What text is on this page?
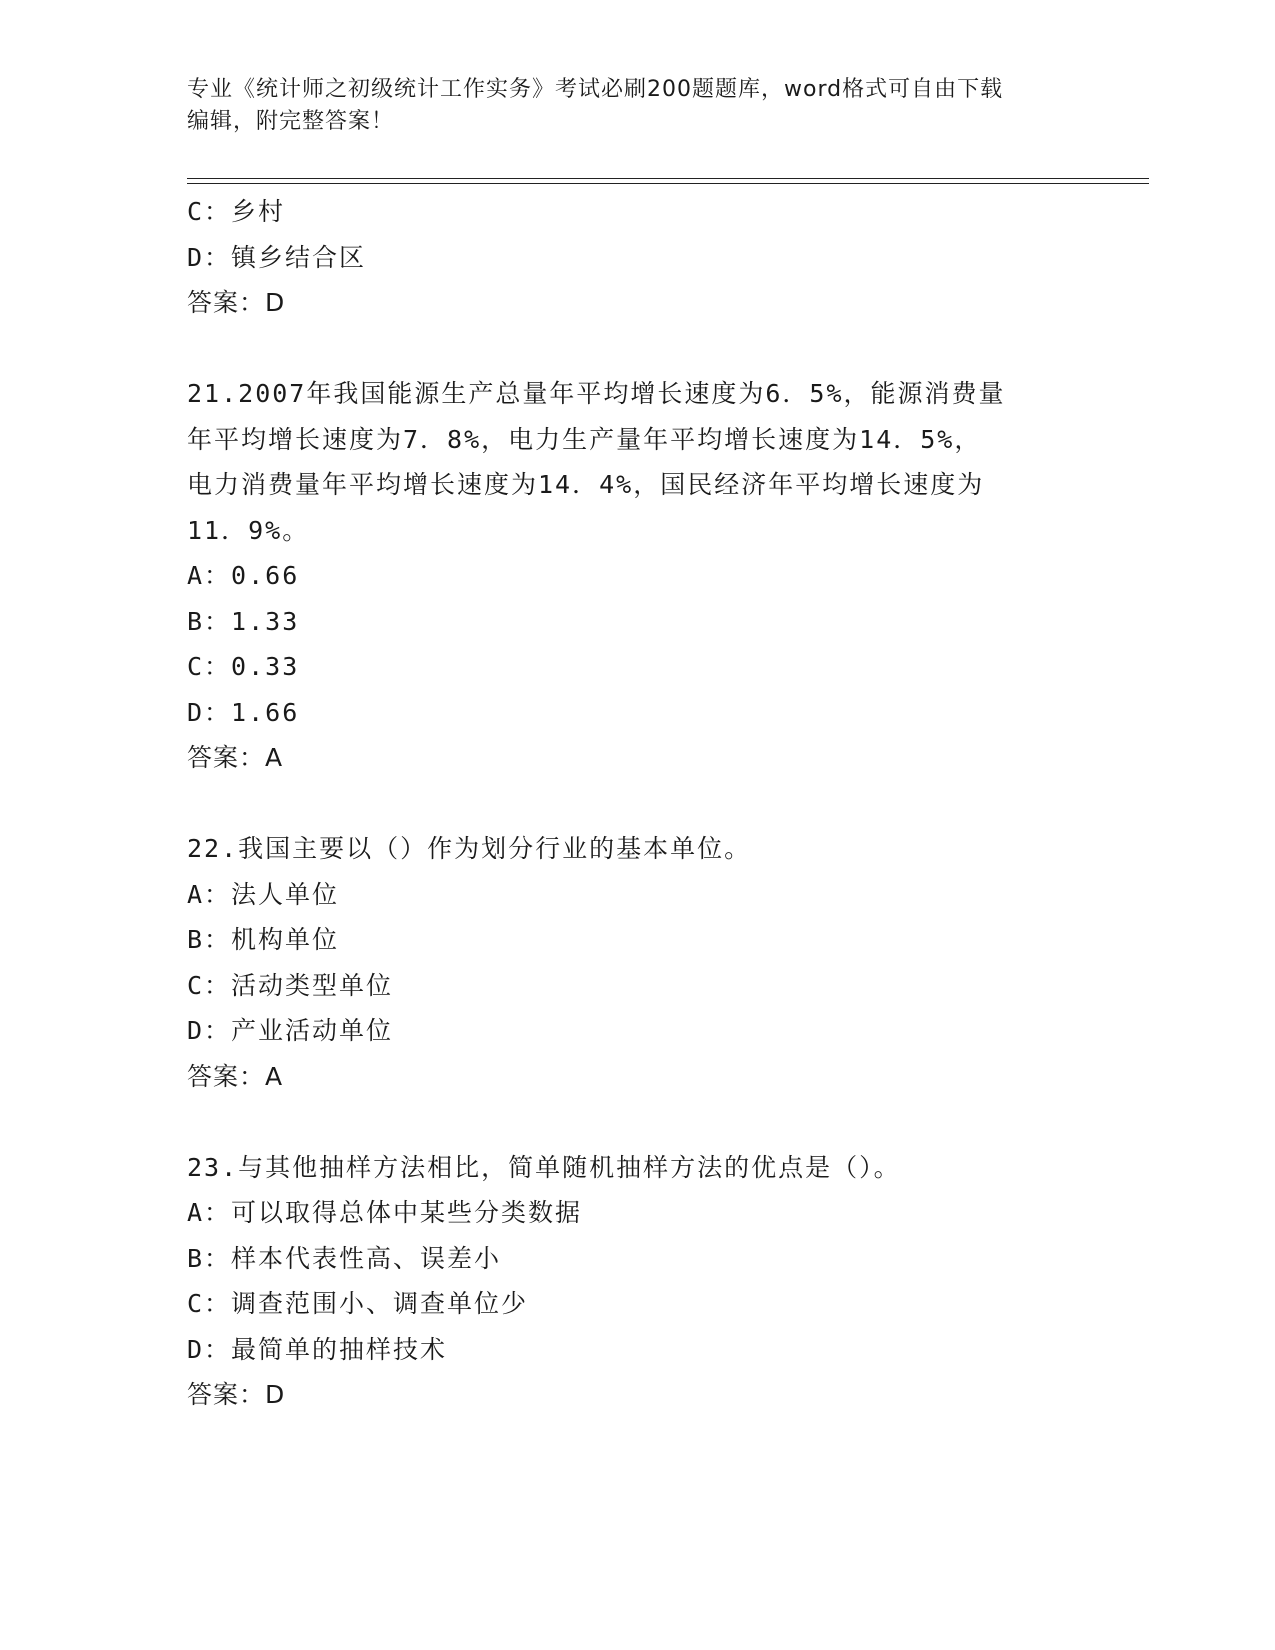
专业《统计师之初级统计工作实务》考试必刷200题题库，word格式可自由下载
编辑，附完整答案！
C：乡村
D：镇乡结合区
答案：D
21.2007年我国能源生产总量年平均增长速度为6．5%，能源消费量
年平均增长速度为7．8%，电力生产量年平均增长速度为14．5%，
电力消费量年平均增长速度为14．4%，国民经济年平均增长速度为
11．9%。
A：0.66
B：1.33
C：0.33
D：1.66
答案：A
22.我国主要以（）作为划分行业的基本单位。
A：法人单位
B：机构单位
C：活动类型单位
D：产业活动单位
答案：A
23.与其他抽样方法相比，简单随机抽样方法的优点是（）。
A：可以取得总体中某些分类数据
B：样本代表性高、误差小
C：调查范围小、调查单位少
D：最简单的抽样技术
答案：D
